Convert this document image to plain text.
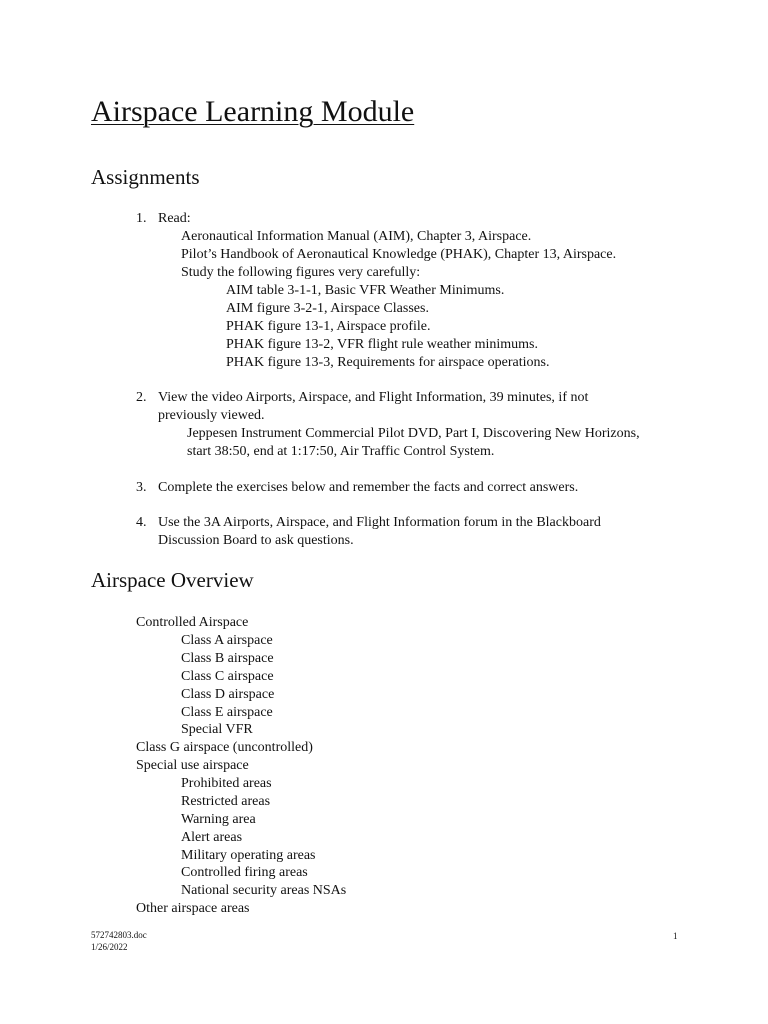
Airspace Learning Module
Assignments
1. Read:
Aeronautical Information Manual (AIM), Chapter 3, Airspace.
Pilot’s Handbook of Aeronautical Knowledge (PHAK), Chapter 13, Airspace.
Study the following figures very carefully:
AIM table 3-1-1, Basic VFR Weather Minimums.
AIM figure 3-2-1, Airspace Classes.
PHAK figure 13-1, Airspace profile.
PHAK figure 13-2, VFR flight rule weather minimums.
PHAK figure 13-3, Requirements for airspace operations.
2. View the video Airports, Airspace, and Flight Information, 39 minutes, if not
previously viewed.
Jeppesen Instrument Commercial Pilot DVD, Part I, Discovering New Horizons,
start 38:50, end at 1:17:50, Air Traffic Control System.
3. Complete the exercises below and remember the facts and correct answers.
4. Use the 3A Airports, Airspace, and Flight Information forum in the Blackboard
Discussion Board to ask questions.
Airspace Overview
Controlled Airspace
Class A airspace
Class B airspace
Class C airspace
Class D airspace
Class E airspace
Special VFR
Class G airspace (uncontrolled)
Special use airspace
Prohibited areas
Restricted areas
Warning area
Alert areas
Military operating areas
Controlled firing areas
National security areas NSAs
Other airspace areas
572742803.doc
1/26/2022
1
